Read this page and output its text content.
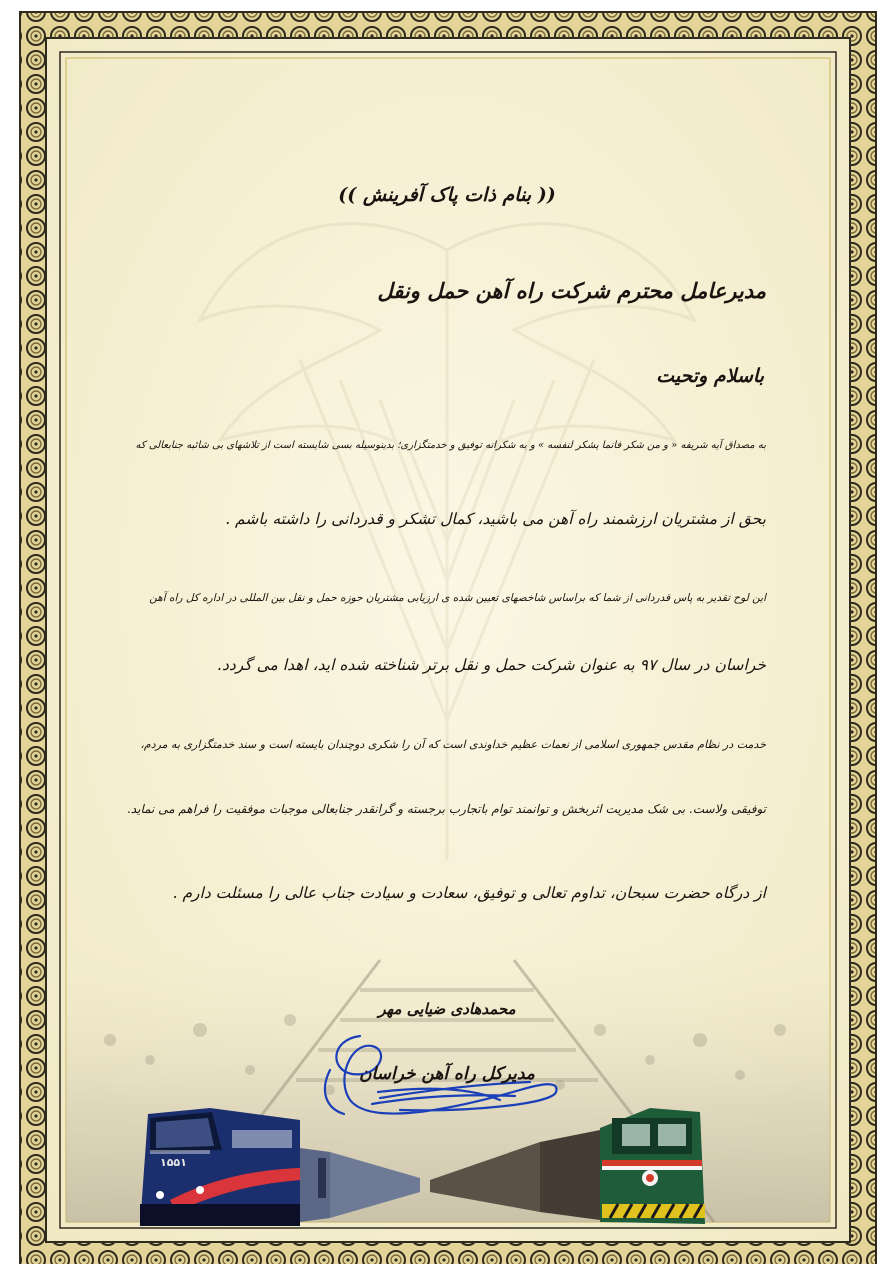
۱۵۵۱
(( بنام ذات پاک آفرینش ))
مدیرعامل محترم شرکت راه آهن حمل ونقل
باسلام وتحیت
به مصداق آیه شریفه « و من شکر فانما یشکر لنفسه » و به شکرانه توفیق و خدمتگزاری؛ بدینوسیله بسی شایسته است از تلاشهای بی شائبه جنابعالی که
بحق از مشتریان ارزشمند راه آهن می باشید، کمال تشکر و قدردانی را داشته باشم .
این لوح تقدیر به پاس قدردانی از شما که براساس شاخصهای تعیین شده ی ارزیابی مشتریان حوزه حمل و نقل بین المللی در اداره کل راه آهن
خراسان در سال ۹۷ به عنوان شرکت حمل و نقل برتر شناخته شده اید، اهدا می گردد.
خدمت در نظام مقدس جمهوری اسلامی از نعمات عظیم خداوندی است که آن را شکری دوچندان بایسته است و سند خدمتگزاری به مردم،
توفیقی ولاست. بی شک مدیریت اثربخش و توانمند توام باتجارب برجسته و گرانقدر جنابعالی موجبات موفقیت را فراهم می نماید.
از درگاه حضرت سبحان، تداوم تعالی و توفیق، سعادت و سیادت جناب عالی را مسئلت دارم .
محمدهادی ضیایی مهر
مدیرکل راه آهن خراسان
